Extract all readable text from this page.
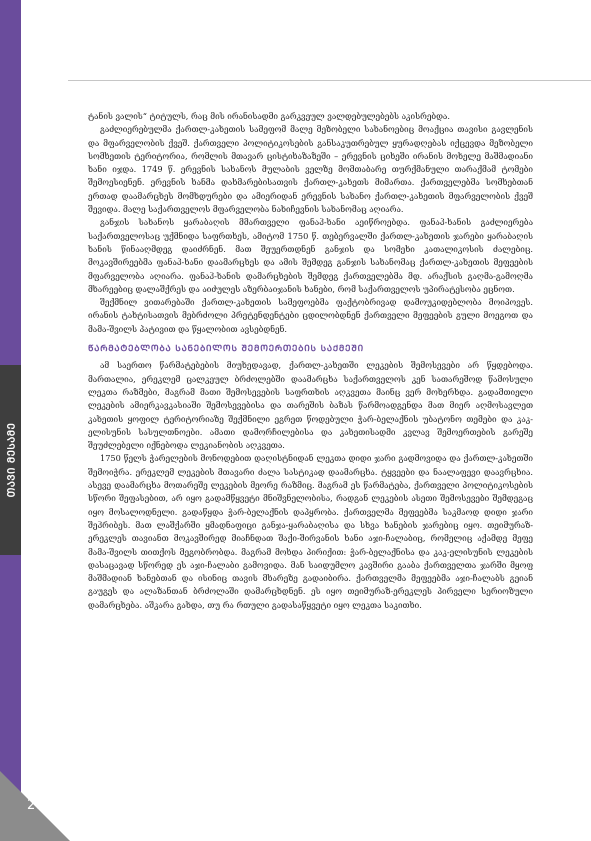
ᲗᲐᲕᲘ ᲛᲔᲡᲐᲛᲔ

ტანის ვალის“ ტიტულს, რაც მის ირანისადმი გარკვეულ ვალდებულებებს აკისრებდა.

გაძლიერებულმა ქართლ-კახეთის სამეფომ მალე მეზობელი სახანოებიც მოაქცია თავისი გავლენის და მფარველობის ქვეშ. ქართველი პოლიტიკოსების განსაკუთრებულ ყურადღებას იქცევდა მეზობელი სომხეთის ტერიტორია, რომლის მთავარ ცისტიხაზაზეში – ერევნის ციხეში ირანის მოხელე მაშმადიანი ხანი იჯდა. 1749 წ. ერევნის სახანოს მულაბის ველზე მომთაბარე თურქმანული თარაქმამ ტომები შემოესიენენ. ერევნის ხანმა დახმარებისათვის ქართლ-კახეთს მიმართა. ქართველებმა სომხებთან ერთად დაამარცხეს მომხდურები და ამიერიდან ერევნის სახანო ქართლ-კახეთის მფარველობის ქვეშ შევიდა. მალე საქართველოს მფარველობა ნახიჩევნის სახანომაც აღიარა.

განჯის სახანოს ყარაბაღის მმართველი ფანაჰ-ხანი აეიწროებდა. ფანაჰ-ხანის გაძლიერება საქართველოსაც უქმნიდა საფრთხეს, ამიტომ 1750 წ. თებერვალში ქართლ-კახეთის ჯარები ყარაბაღის ხანის წინააღმდეგ დაიძრნენ. მათ შეუერთდნენ განჯის და სომეხი კათალიკოსის ძალებიც. მოკავშირეებმა ფანაჰ-ხანი დაამარცხეს და ამის შემდეგ განჯის სახანომაც ქართლ-კახეთის მეფეების მფარველობა აღიარა. ფანაჰ-ხანის დამარცხების შემდეგ ქართველებმა მდ. არაქსის გაღმა-გამოღმა მხარეებიც დალაშქრეს და აიძულეს აზერბაიჯანის ხანები, რომ საქართველოს უპირატესობა ეცნოთ.

შექმნილ ვითარებაში ქართლ-კახეთის სამეფოებმა ფაქტობრივად დამოუკიდებლობა მოიპოვეს. ირანის ტახტისათვის მებრძოლი პრეტენდენტები ცდილობდნენ ქართველი მეფეების გული მოეგოთ და მამა-შვილს პატივით და წყალობით ავსებდნენ.

ᲬᲐᲠᲛᲐᲢᲔᲑᲚᲝᲑᲐ ᲡᲐᲜᲔᲑᲘᲚᲝᲡ ᲨᲔᲛᲝᲔᲠᲗᲔᲑᲘᲡ ᲡᲐᲥᲛᲔᲨᲘ

ამ საერთო წარმატებების მიუხედავად, ქართლ-კახეთში ლეკების შემოსევები არ წყდებოდა. მართალია, ერეკლემ ცალკეულ ბრძოლებში დაამარცხა საქართველოს კენ სათარეშოდ წამოსული ლეკთა რაზმები, მაგრამ მათი შემოსევების საფრთხის აღკვეთა მაინც ვერ მოხერხდა. გადამთიელი ლეკების ამიერკავკასიაში შემოსევებისა და თარეშის ბაზას წარმოადგენდა მათ მიერ აღმოსავლეთ კახეთის ყოფილ ტერიტორიაზე შექმნილი ეგრეთ წოდებული ჭარ-ბელაქნის უბატონო თემები და კაკ-ელისუნის სასულთნოები. ამათი დამორჩილებისა და კახეთისადმი კვლავ შემოერთების გარეშე შეუძლებელი იქნებოდა ლეკიანობის აღკვეთა.

1750 წელს ჭარელების მონოდებით დაღისტნიდან ლეკთა დიდი ჯარი გადმოვიდა და ქართლ-კახეთში შემოიჭრა. ერეკლემ ლეკების მთავარი ძალა სასტიკად დაამარცხა. ტყვეები და ნაალაფევი დაავრცხია. ასევე დაამარცხა მოთარეშე ლეკების მეორე რაზმიც. მაგრამ ეს წარმატება, ქართველი პოლიტიკოსების სწორი შეფასებით, არ იყო გადამწყვეტი მნიშვნელობისა, რადგან ლეკების ასეთი შემოსევები შემდეგაც იყო მოსალოდნელი. გადაწყდა ჭარ-ბელაქნის დაპყრობა. ქართველმა მეფეებმა საკმაოდ დიდი ჯარი შეჰრიბეს. მათ ლაშქარში ყმადნაფიცი განჯა-ყარაბაღისა და სხვა ხანების ჯარებიც იყო. თეიმურაზ-ერეკლეს თავიანთ მოკავშირედ მიაჩნდათ შაქი-შირვანის ხანი აჯი-ჩალაბიც, რომელიც აქამდე მეფე მამა-შვილს თითქოს მეგობრობდა. მაგრამ მოხდა პირიქით: ჭარ-ბელაქნისა და კაკ-ელისუნის ლეკების დასაცავად სწორედ ეს აჯი-ჩალაბი გამოვიდა. მან საიდუმლო კავშირი გააბა ქართველთა ჯარში მყოფ მაშმადიან ხანებთან და ისინიც თავის მხარეზე გადაიბირა. ქართველმა მეფეებმა აჯი-ჩალაბს გეიან გაუგეს და ალაზანთან ბრძოლაში დამარცხდნენ. ეს იყო თეიმურაზ-ერეკლეს პირველი სერიოზული დამარცხება. აშკარა გახდა, თუ რა რთული გადასაწყვეტი იყო ლეკთა საკითხი.

270
